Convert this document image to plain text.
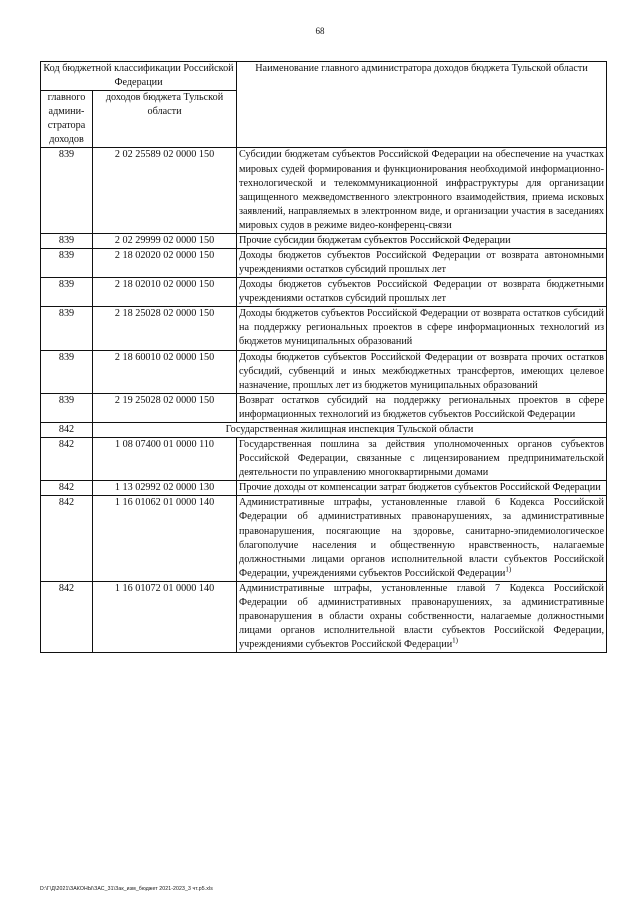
68
Код бюджетной классификации Российской Федерации		Наименование главного администратора доходов бюджета Тульской области
главного админи-стратора доходов	доходов бюджета Тульской области	
839	2 02 25589 02 0000 150	Субсидии бюджетам субъектов Российской Федерации на обеспечение на участках мировых судей формирования и функционирования необходимой информационно-технологической и телекоммуникационной инфраструктуры для организации защищенного межведомственного электронного взаимодействия, приема исковых заявлений, направляемых в электронном виде, и организации участия в заседаниях мировых судов в режиме видео-конференц-связи
839	2 02 29999 02 0000 150	Прочие субсидии бюджетам субъектов Российской Федерации
839	2 18 02020 02 0000 150	Доходы бюджетов субъектов Российской Федерации от возврата автономными учреждениями остатков субсидий прошлых лет
839	2 18 02010 02 0000 150	Доходы бюджетов субъектов Российской Федерации от возврата бюджетными учреждениями остатков субсидий прошлых лет
839	2 18 25028 02 0000 150	Доходы бюджетов субъектов Российской Федерации от возврата остатков субсидий на поддержку региональных проектов в сфере информационных технологий из бюджетов муниципальных образований
839	2 18 60010 02 0000 150	Доходы бюджетов субъектов Российской Федерации от возврата прочих остатков субсидий, субвенций и иных межбюджетных трансфертов, имеющих целевое назначение, прошлых лет из бюджетов муниципальных образований
839	2 19 25028 02 0000 150	Возврат остатков субсидий на поддержку региональных проектов в сфере информационных технологий из бюджетов субъектов Российской Федерации
842	Государственная жилищная инспекция Тульской области	
842	1 08 07400 01 0000 110	Государственная пошлина за действия уполномоченных органов субъектов Российской Федерации, связанные с лицензированием предпринимательской деятельности по управлению многоквартирными домами
842	1 13 02992 02 0000 130	Прочие доходы от компенсации затрат бюджетов субъектов Российской Федерации
842	1 16 01062 01 0000 140	Административные штрафы, установленные главой 6 Кодекса Российской Федерации об административных правонарушениях, за административные правонарушения, посягающие на здоровье, санитарно-эпидемиологическое благополучие населения и общественную нравственность, налагаемые должностными лицами органов исполнительной власти субъектов Российской Федерации, учреждениями субъектов Российской Федерации$^{1)}$
842	1 16 01072 01 0000 140	Административные штрафы, установленные главой 7 Кодекса Российской Федерации об административных правонарушениях, за административные правонарушения в области охраны собственности, налагаемые должностными лицами органов исполнительной власти субъектов Российской Федерации, учреждениями субъектов Российской Федерации$^{1)}$
D:\Г\Д\2021\ЗАКОНЫ\ЗАС_31\Зак_изм_бюджет 2021-2023_3 чт.р5.xls
